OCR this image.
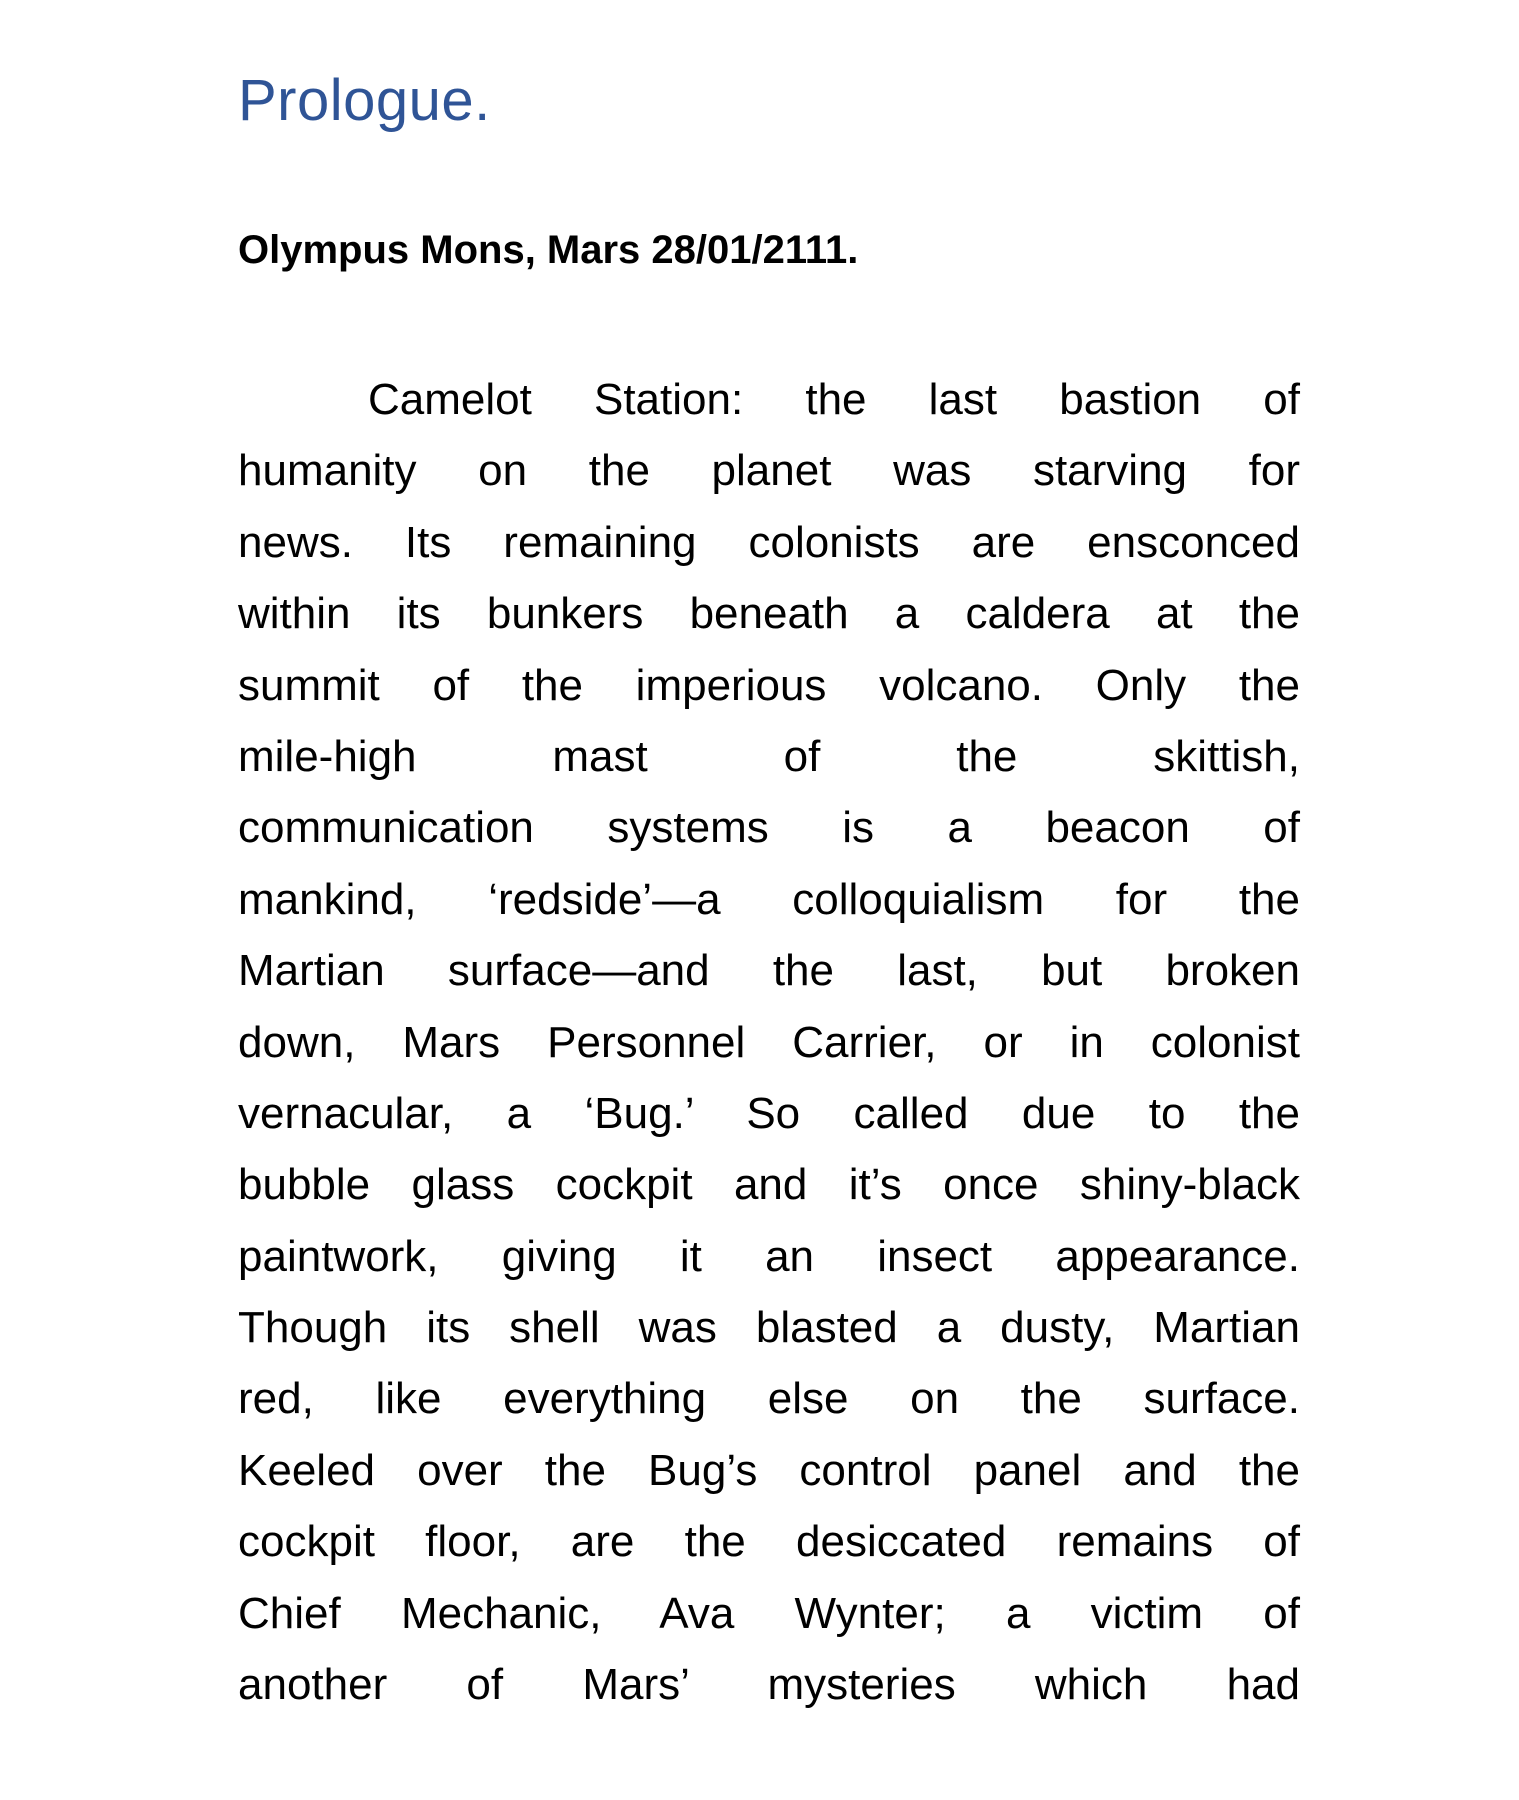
Prologue.
Olympus Mons, Mars 28/01/2111.
Camelot Station: the last bastion of
humanity on the planet was starving for
news. Its remaining colonists are ensconced
within its bunkers beneath a caldera at the
summit of the imperious volcano. Only the
mile-high mast of the skittish,
communication systems is a beacon of
mankind, ‘redside’—a colloquialism for the
Martian surface—and the last, but broken
down, Mars Personnel Carrier, or in colonist
vernacular, a ‘Bug.’ So called due to the
bubble glass cockpit and it’s once shiny-black
paintwork, giving it an insect appearance.
Though its shell was blasted a dusty, Martian
red, like everything else on the surface.
Keeled over the Bug’s control panel and the
cockpit floor, are the desiccated remains of
Chief Mechanic, Ava Wynter; a victim of
another of Mars’ mysteries which had
